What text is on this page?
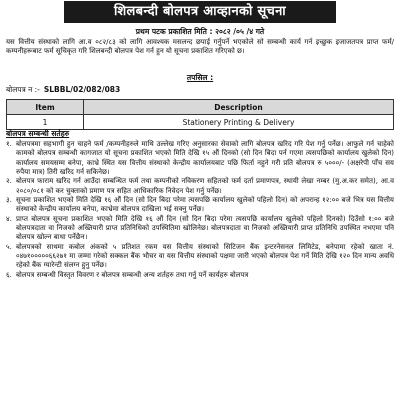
शिलबन्दी बोलपत्र आव्हानको सूचना
प्रथम पटक प्रकाशित मिति : २०८२ /०५ /४ गते
यस वित्तीय संस्थाको लागि आ.व ०८२/८३ को लागि आवश्यक मसलन्द छपाई गर्नुपर्ने भएकोले सो सम्बन्धी कार्य गर्न इच्छुक इजाजतपत्र प्राप्त फर्म/कम्पनीहरूबाट फर्म सूचिकृत गरि शिलबन्दी बोलपत्र पेश गर्न हुन यो सूचना प्रकाशित गरिएको छ।
तपसिल :
बोलपत्र न :- SLBBL/02/082/083
Item	Description
1	Stationery Printing & Delivery
बोलपत्र सम्बन्धी सर्तहरु
१. बोलपत्रमा सहभागी हुन चाहने फर्म /कम्पनीहरुले माथि उल्लेख गरिए अनुसारका सेवाको लागि बोलपत्र खरिद गरि पेश गर्नु पर्नेछ। आफुले गर्न चाहेको कामको बोलपत्र सम्बन्धी कागजात यो सूचना प्रकाशित भएको मिति देखि १५ औं दिनको (सो दिन बिदा पर्न गएमा त्यसपछिको कार्यालय खुलेको दिन) कार्यालय समयसम्म बनेपा, काभ्रे स्थित यस वित्तीय संस्थाको केन्द्रीय कार्यालयबाट पछि फिर्ता नहुने गरी प्रति बोलपत्र रु ५०००/- (अक्षरेपी पाँच सय रुपैया मात्र) तिरी खरिद गर्न सकिनेछ।
२. बोलपत्र फाराम खरिद गर्न आउँदा सम्बन्धित फर्म तथा कम्पनीको नविकरण सहितको फर्म दर्ता प्रमाणपत्र, स्थायी लेखा नम्बर (मु.अ.कर समेत), आ.व २०८०/०८१ को कर चुक्ताको प्रमाण पत्र सहित आधिकारिक निवेदन पेश गर्नु पर्नेछ।
३. सूचना प्रकाशित भएको मिति देखि १६ औं दिन (सो दिन बिदा परेमा त्यसपछि कार्यालय खुलेको पहिलो दिन) को अपरान्ह १२:०० बजे भित्र यस वित्तीय संस्थाको केन्द्रीय कार्यालय बनेपा, काभ्रेमा बोलपत्र दाखिला भई सक्नु पर्नेछ।
४. प्राप्त बोलपत्र सूचना प्रकाशित भएको मिति देखि १६ औं दिन (सो दिन बिदा परेमा त्यसपछि कार्यालय खुलेको पहिलो दिनको) दिउँसो १:०० बजे बोलपत्रदाता वा निजको अख्तियारी प्राप्त प्रतिनिधिको उपस्थितिमा खोलिनेछ। बोलपत्रदाता वा निजको अख्तियारी प्राप्त प्रतिनिधि उपस्थित नभएमा पनि बोलपत्र खोल्न बाधा पर्नेछैन।
५. बोलपत्रको साथमा कबोल अंकको ५ प्रतिशत रकम यस वित्तीय संस्थाको सिटिजन बैंक इन्टरनेसनल लिमिटेड, बनेपामा रहेको खाता नं. ०४७१०००००६६२७१ मा जम्मा गरेको सक्कल बैंक भौचर वा यस वित्तीय संस्थाको पक्षमा जारी भएको बोलपत्र पेश गर्ने मिति देखि १२० दिन मान्य अवधि रहेको बैंक ग्यारेन्टी संलग्न हुनु पर्नेछ।
६. बोलपत्र सम्बन्धी विस्तृत विवरण र बोलपत्र सम्बन्धी अन्य शर्तहरु तथा गर्नु पर्ने कार्यहरु बोलपत्र
